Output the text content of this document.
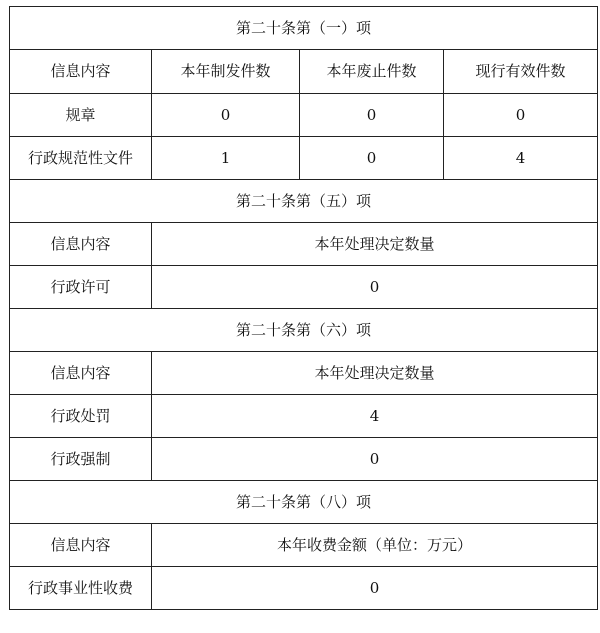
第二十条第（一）项			
信息内容	本年制发件数	本年废止件数	现行有效件数
规章	0	0	0
行政规范性文件	1	0	4
第二十条第（五）项			
信息内容	本年处理决定数量		
行政许可	0		
第二十条第（六）项			
信息内容	本年处理决定数量		
行政处罚	4		
行政强制	0		
第二十条第（八）项			
信息内容	本年收费金额（单位：万元）		
行政事业性收费	0		
